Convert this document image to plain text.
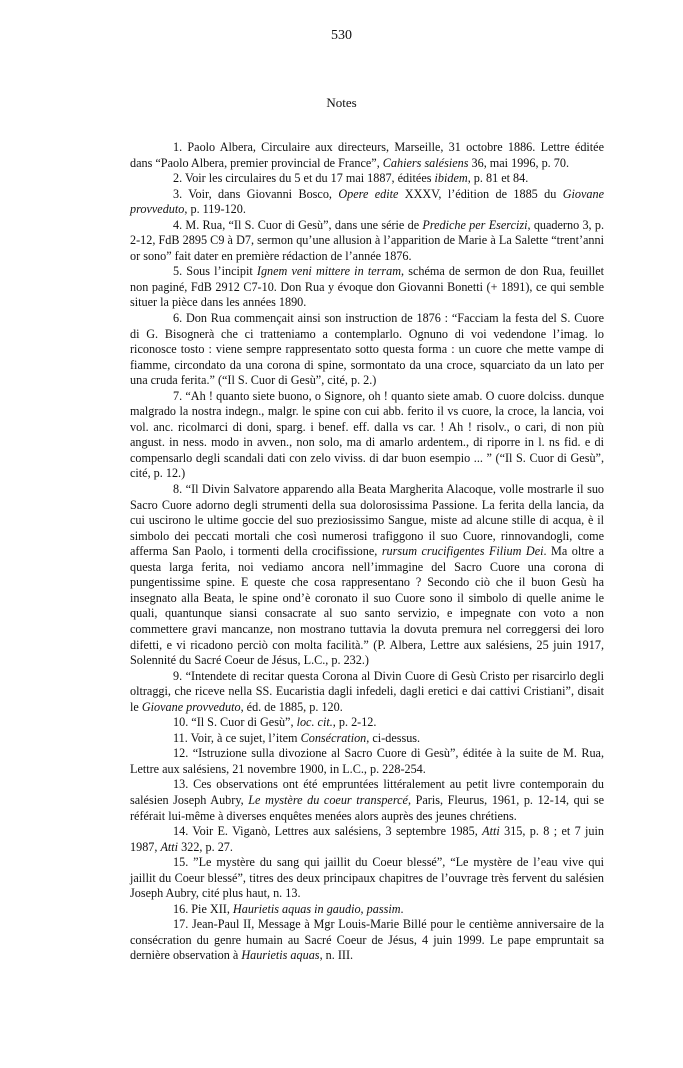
530
Notes

1. Paolo Albera, Circulaire aux directeurs, Marseille, 31 octobre 1886. Lettre éditée dans “Paolo Albera, premier provincial de France”, Cahiers salésiens 36, mai 1996, p. 70.

2. Voir les circulaires du 5 et du 17 mai 1887, éditées ibidem, p. 81 et 84.

3. Voir, dans Giovanni Bosco, Opere edite XXXV, l’édition de 1885 du Giovane provveduto, p. 119-120.

4. M. Rua, “Il S. Cuor di Gesù”, dans une série de Prediche per Esercizi, quaderno 3, p. 2-12, FdB 2895 C9 à D7, sermon qu’une allusion à l’apparition de Marie à La Salette “trent’anni or sono” fait dater en première rédaction de l’année 1876.

5. Sous l’incipit Ignem veni mittere in terram, schéma de sermon de don Rua, feuillet non paginé, FdB 2912 C7-10. Don Rua y évoque don Giovanni Bonetti (+ 1891), ce qui semble situer la pièce dans les années 1890.

6. Don Rua commençait ainsi son instruction de 1876 : “Facciam la festa del S. Cuore di G. Bisognerà che ci tratteniamo a contemplarlo. Ognuno di voi vedendone l’imag. lo riconosce tosto : viene sempre rappresentato sotto questa forma : un cuore che mette vampe di fiamme, circondato da una corona di spine, sormontato da una croce, squarciato da un lato per una cruda ferita.” (“Il S. Cuor di Gesù”, cité, p. 2.)

7. “Ah ! quanto siete buono, o Signore, oh ! quanto siete amab. O cuore dolciss. dunque malgrado la nostra indegn., malgr. le spine con cui abb. ferito il vs cuore, la croce, la lancia, voi vol. anc. ricolmarci di doni, sparg. i benef. eff. dalla vs car. ! Ah ! risolv., o cari, di non più angust. in ness. modo in avven., non solo, ma di amarlo ardentem., di riporre in l. ns fid. e di compensarlo degli scandali dati con zelo viviss. di dar buon esempio ... ” (“Il S. Cuor di Gesù”, cité, p. 12.)

8. “Il Divin Salvatore apparendo alla Beata Margherita Alacoque, volle mostrarle il suo Sacro Cuore adorno degli strumenti della sua dolorosissima Passione. La ferita della lancia, da cui uscirono le ultime goccie del suo preziosissimo Sangue, miste ad alcune stille di acqua, è il simbolo dei peccati mortali che così numerosi trafiggono il suo Cuore, rinnovandogli, come afferma San Paolo, i tormenti della crocifissione, rursum crucifigentes Filium Dei. Ma oltre a questa larga ferita, noi vediamo ancora nell’immagine del Sacro Cuore una corona di pungentissime spine. E queste che cosa rappresentano ? Secondo ciò che il buon Gesù ha insegnato alla Beata, le spine ond’è coronato il suo Cuore sono il simbolo di quelle anime le quali, quantunque siansi consacrate al suo santo servizio, e impegnate con voto a non commettere gravi mancanze, non mostrano tuttavia la dovuta premura nel correggersi dei loro difetti, e vi ricadono perciò con molta facilità.” (P. Albera, Lettre aux salésiens, 25 juin 1917, Solennité du Sacré Coeur de Jésus, L.C., p. 232.)

9. “Intendete di recitar questa Corona al Divin Cuore di Gesù Cristo per risarcirlo degli oltraggi, che riceve nella SS. Eucaristia dagli infedeli, dagli eretici e dai cattivi Cristiani”, disait le Giovane provveduto, éd. de 1885, p. 120.

10. “Il S. Cuor di Gesù”, loc. cit., p. 2-12.

11. Voir, à ce sujet, l’item Consécration, ci-dessus.

12. “Istruzione sulla divozione al Sacro Cuore di Gesù”, éditée à la suite de M. Rua, Lettre aux salésiens, 21 novembre 1900, in L.C., p. 228-254.

13. Ces observations ont été empruntées littéralement au petit livre contemporain du salésien Joseph Aubry, Le mystère du coeur transpercé, Paris, Fleurus, 1961, p. 12-14, qui se référait lui-même à diverses enquêtes menées alors auprès des jeunes chrétiens.

14. Voir E. Viganò, Lettres aux salésiens, 3 septembre 1985, Atti 315, p. 8 ; et 7 juin 1987, Atti 322, p. 27.

15. ”Le mystère du sang qui jaillit du Coeur blessé”, “Le mystère de l’eau vive qui jaillit du Coeur blessé”, titres des deux principaux chapitres de l’ouvrage très fervent du salésien Joseph Aubry, cité plus haut, n. 13.

16. Pie XII, Haurietis aquas in gaudio, passim.

17. Jean-Paul II, Message à Mgr Louis-Marie Billé pour le centième anniversaire de la consécration du genre humain au Sacré Coeur de Jésus, 4 juin 1999. Le pape empruntait sa dernière observation à Haurietis aquas, n. III.
